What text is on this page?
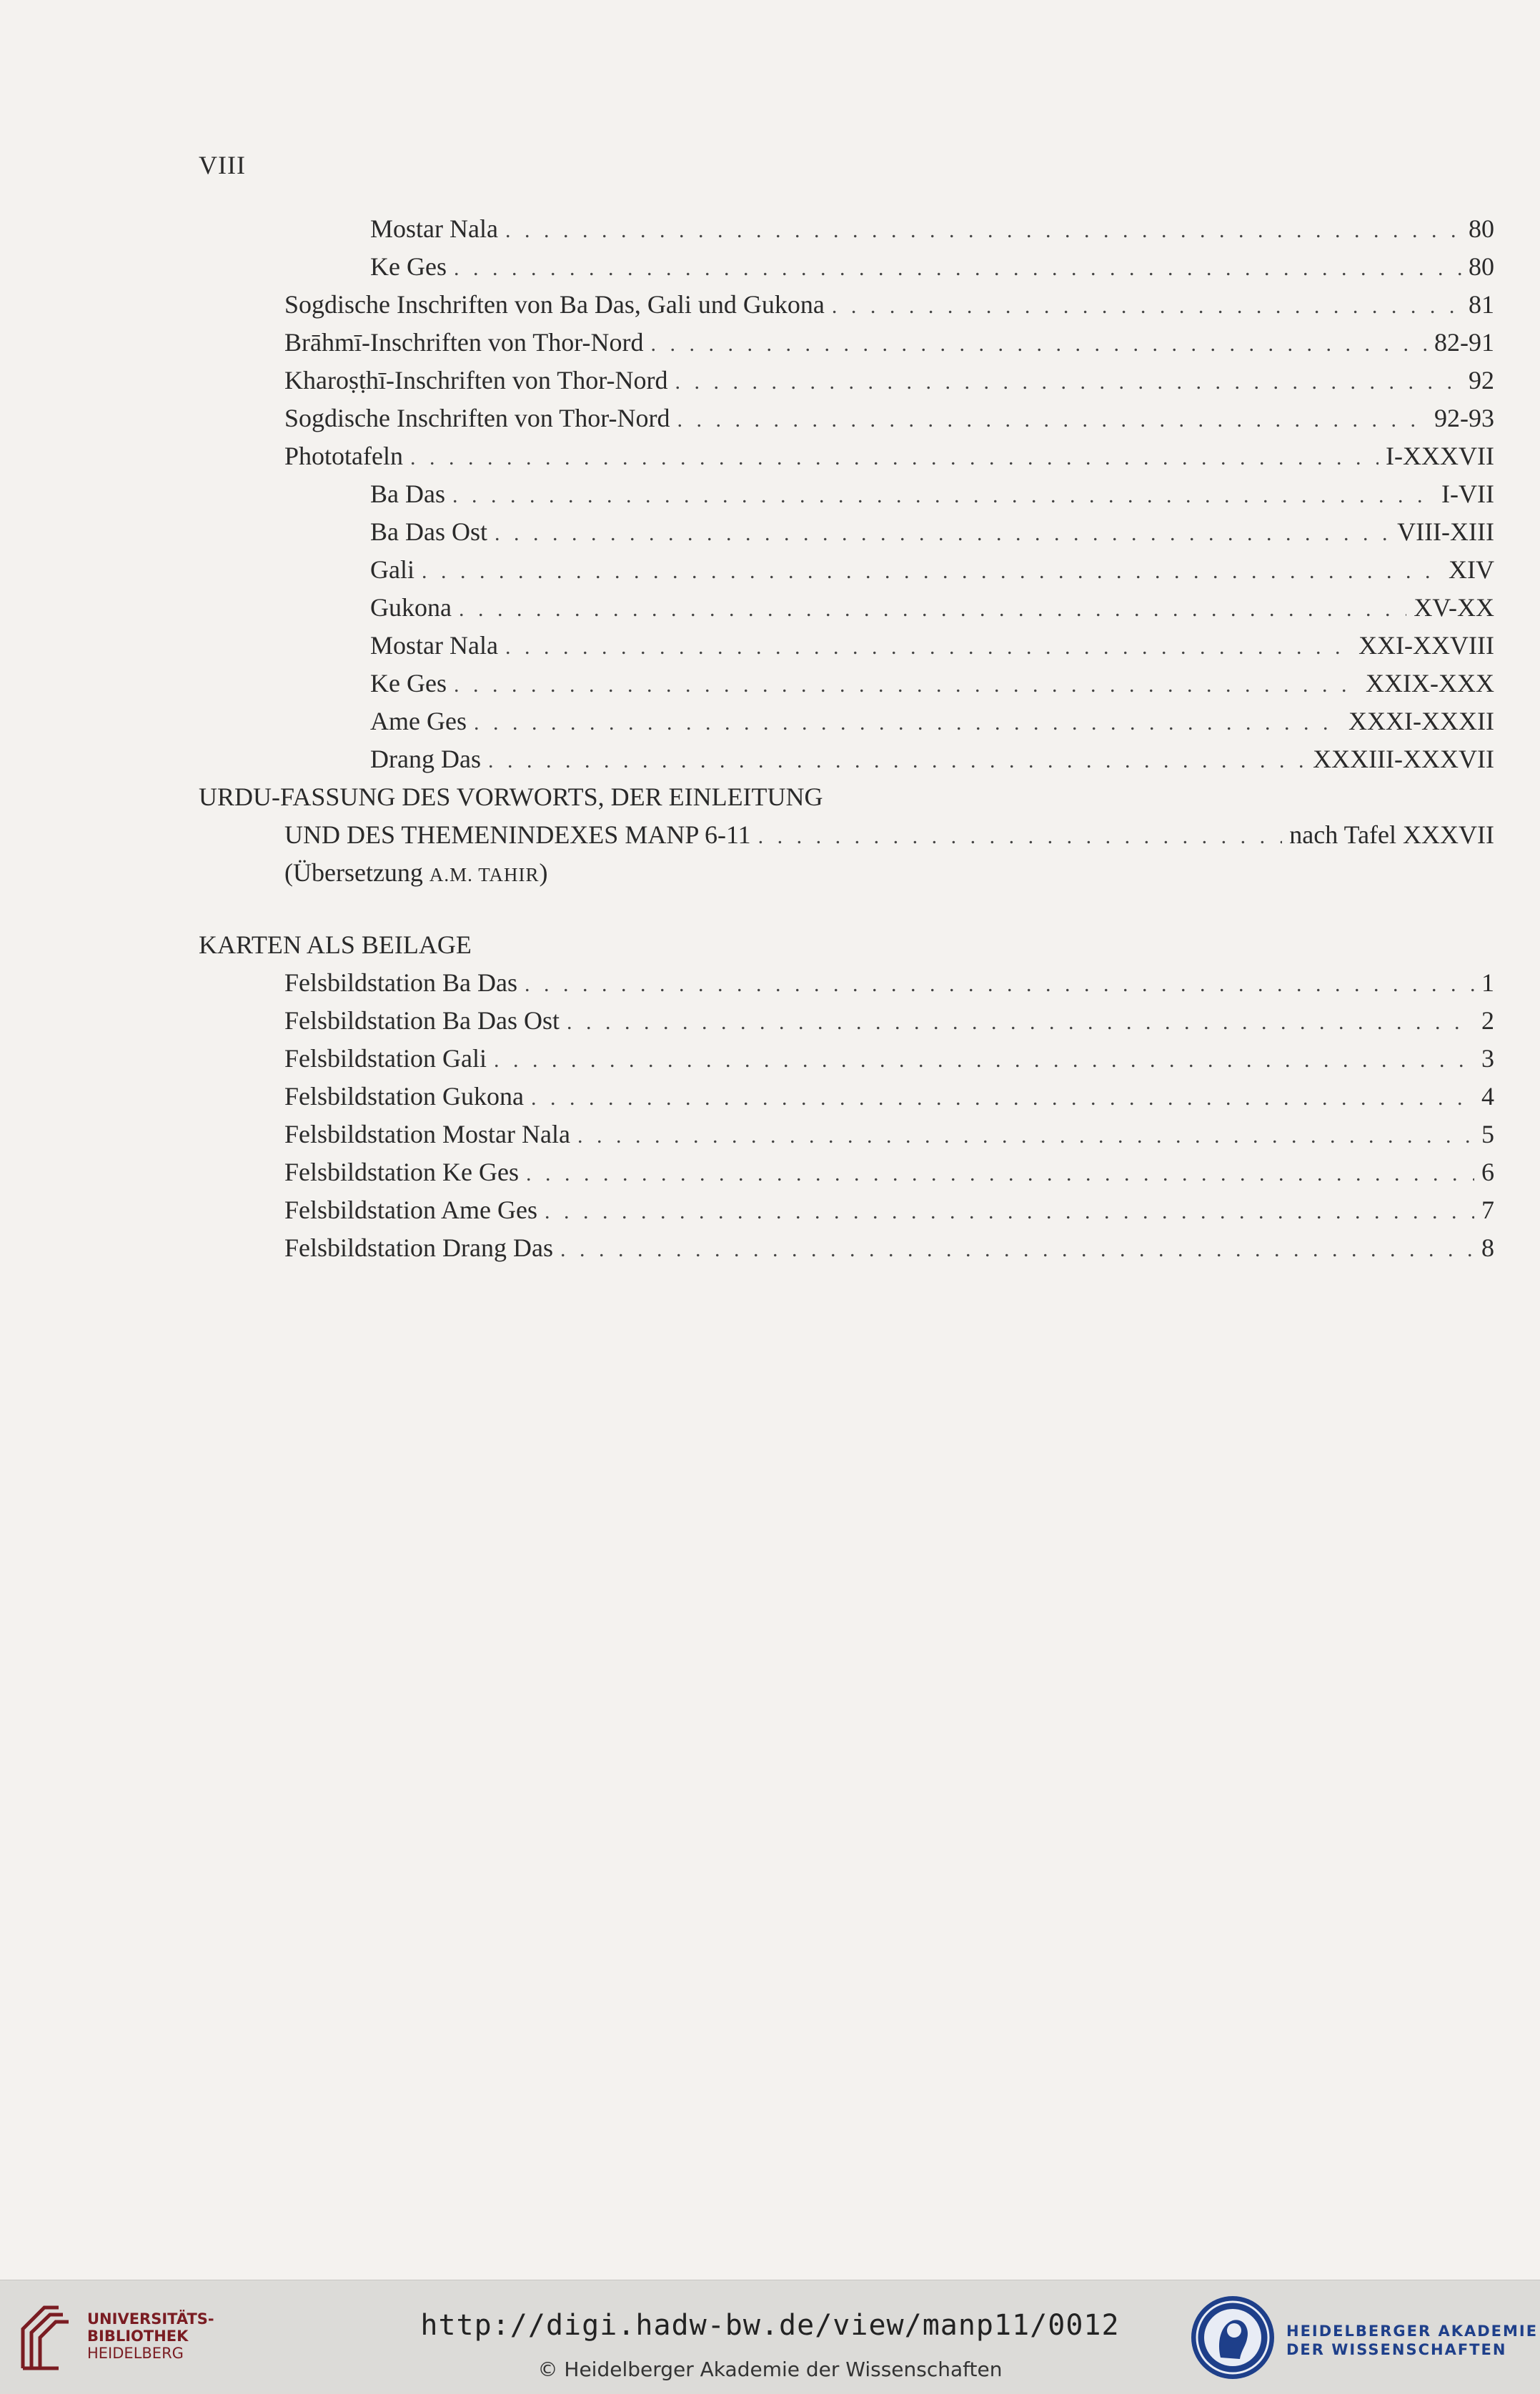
VIII
Mostar Nala . . .	80
Ke Ges . . .	80
Sogdische Inschriften von Ba Das, Gali und Gukona . . .	81
Brāhmī-Inschriften von Thor-Nord . . .	82-91
Kharoṣṭhī-Inschriften von Thor-Nord . . .	92
Sogdische Inschriften von Thor-Nord . . .	92-93
Phototafeln . . .	I-XXXVII
Ba Das . . .	I-VII
Ba Das Ost . . .	VIII-XIII
Gali . . .	XIV
Gukona . . .	XV-XX
Mostar Nala . . .	XXI-XXVIII
Ke Ges . . .	XXIX-XXX
Ame Ges . . .	XXXI-XXXII
Drang Das . . .	XXXIII-XXXVII
URDU-FASSUNG DES VORWORTS, DER EINLEITUNG
UND DES THEMENINDEXES MANP 6-11 . . .	nach Tafel XXXVII
(Übersetzung A.M. TAHIR)
KARTEN ALS BEILAGE
Felsbildstation Ba Das . . .	1
Felsbildstation Ba Das Ost . . .	2
Felsbildstation Gali . . .	3
Felsbildstation Gukona . . .	4
Felsbildstation Mostar Nala . . .	5
Felsbildstation Ke Ges . . .	6
Felsbildstation Ame Ges . . .	7
Felsbildstation Drang Das . . .	8
UNIVERSITÄTS-
BIBLIOTHEK
HEIDELBERG
http://digi.hadw-bw.de/view/manp11/0012
© Heidelberger Akademie der Wissenschaften
HEIDELBERGER AKADEMIE
DER WISSENSCHAFTEN
